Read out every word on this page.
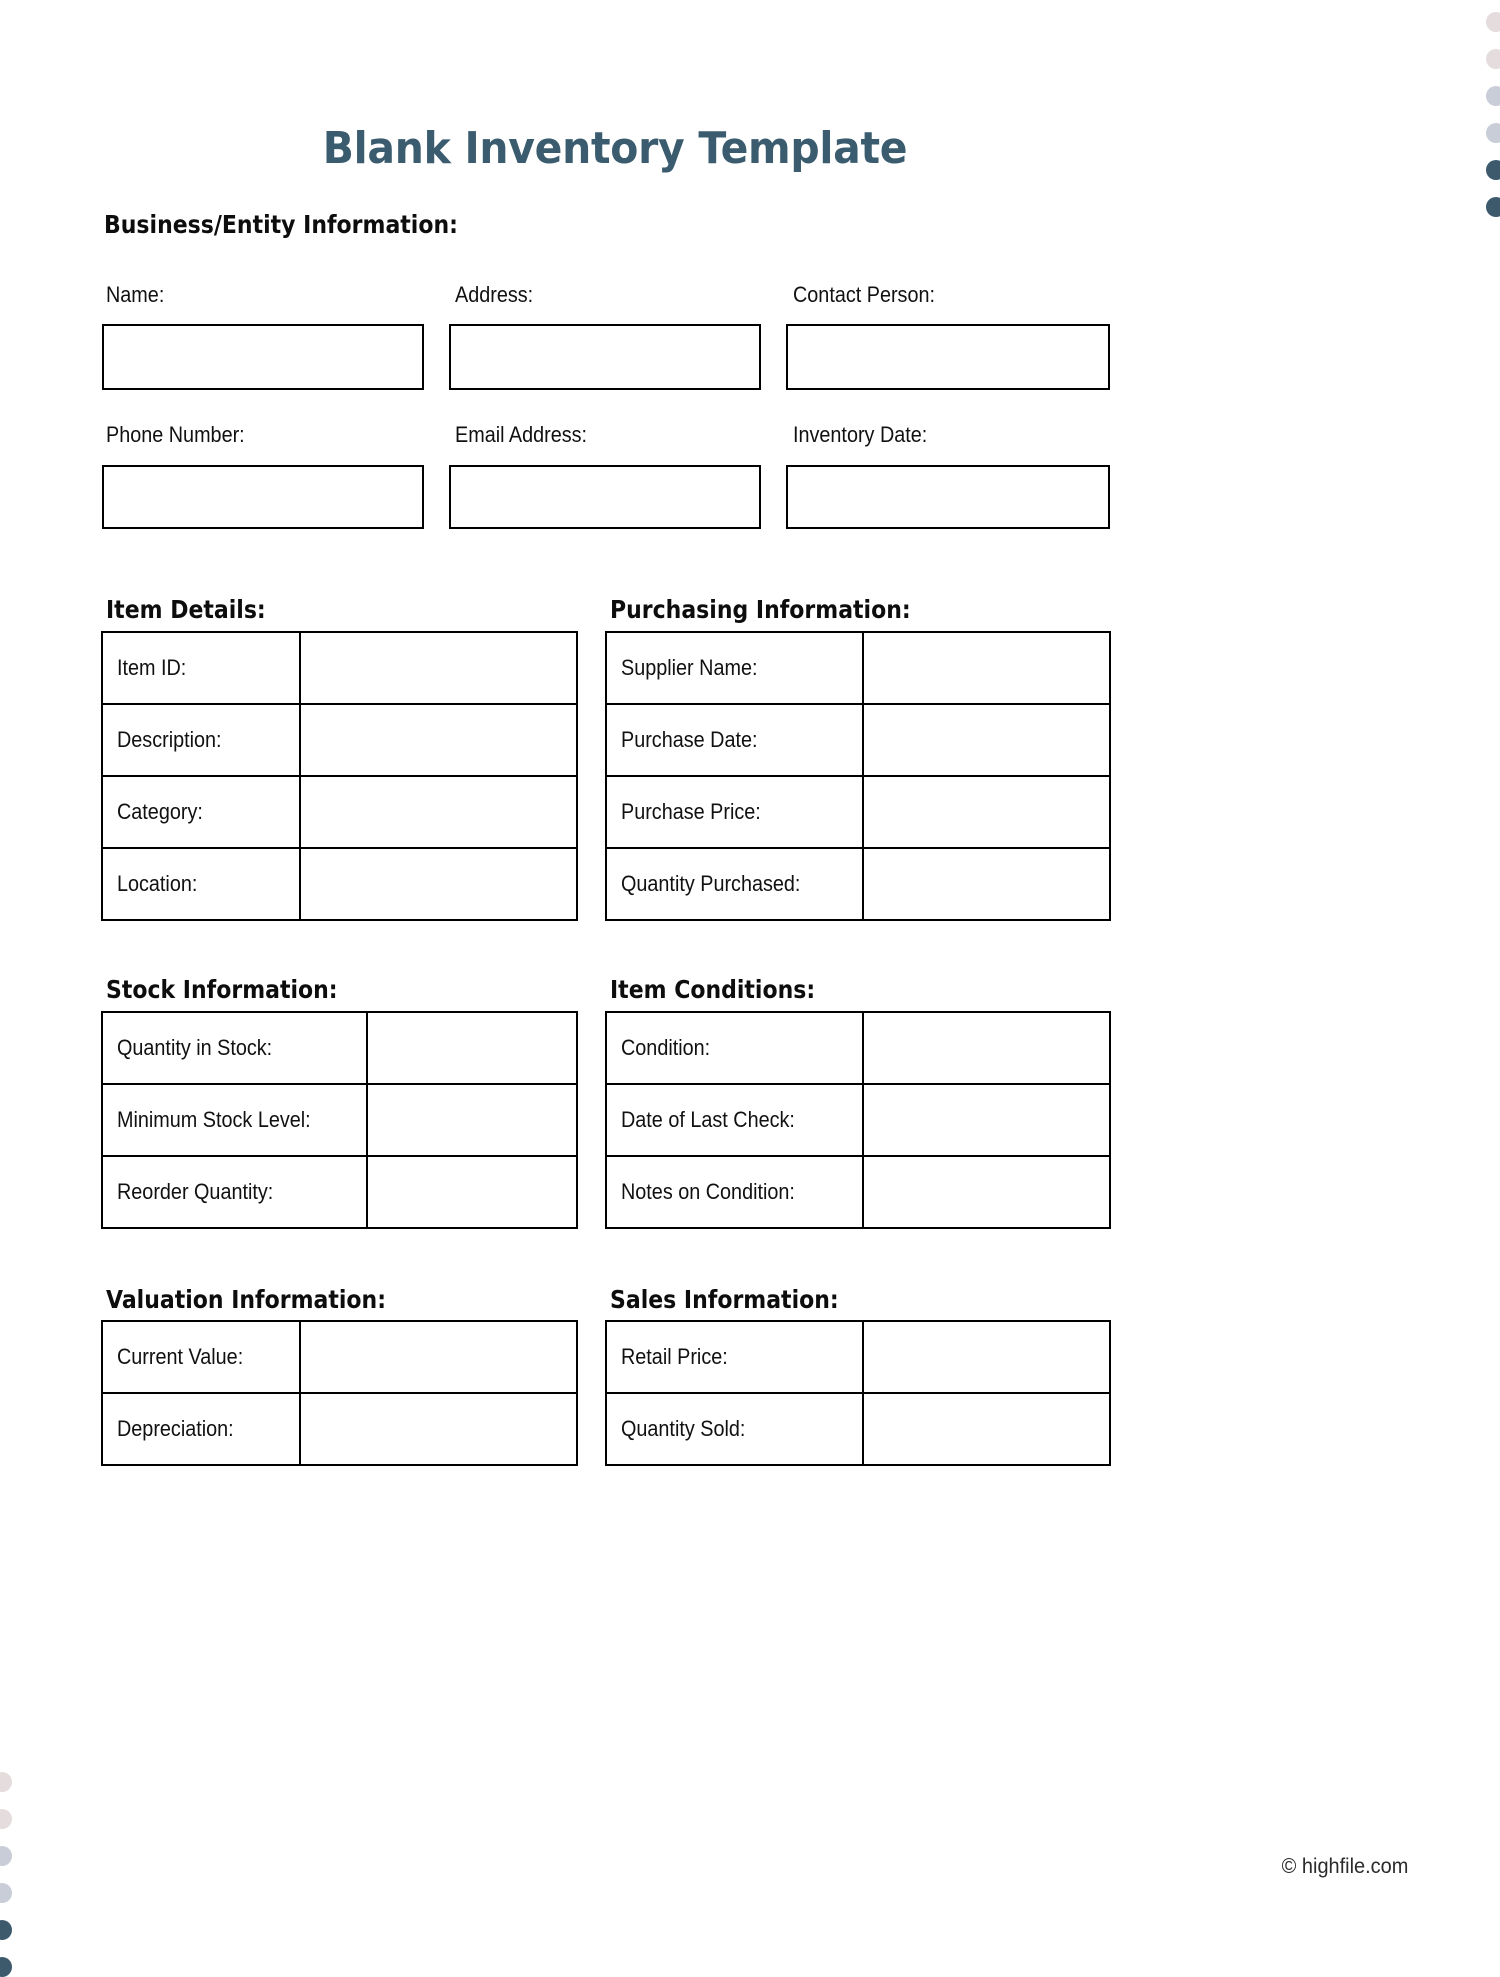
Blank Inventory Template
Business/Entity Information:
Name:	Address:	Contact Person:
Phone Number:	Email Address:	Inventory Date:
Item Details:
Item ID:	
Description:	
Category:	
Location:	
Purchasing Information:
Supplier Name:	
Purchase Date:	
Purchase Price:	
Quantity Purchased:	
Stock Information:
Quantity in Stock:	
Minimum Stock Level:	
Reorder Quantity:	
Item Conditions:
Condition:	
Date of Last Check:	
Notes on Condition:	
Valuation Information:
Current Value:	
Depreciation:	
Sales Information:
Retail Price:	
Quantity Sold:	
© highfile.com
